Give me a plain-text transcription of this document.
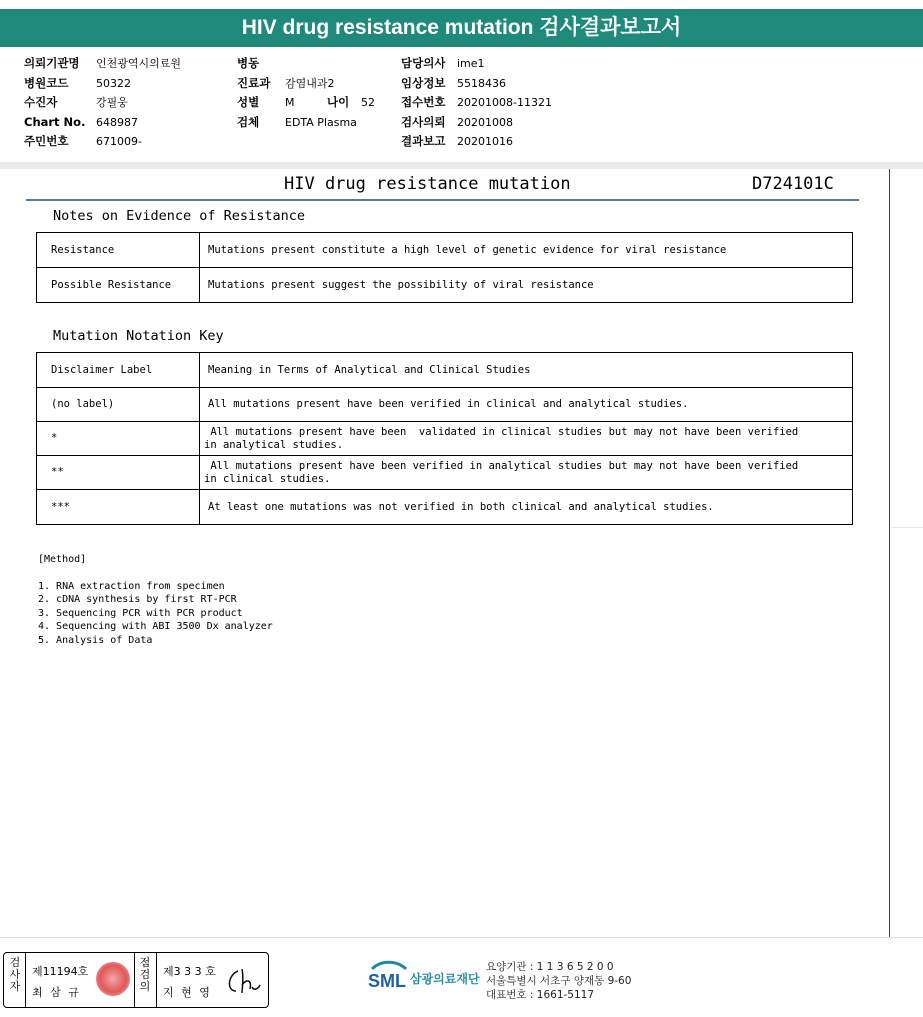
HIV drug resistance mutation 검사결과보고서
의뢰기관명 인천광역시의료원
병원코드	50322
수진자	강필웅
Chart No. 648987
주민번호	671009-
병동
진료과 감염내과2
성별 M	나이 52
검체 EDTA Plasma
담당의사 ime1
임상정보 5518436
접수번호 20201008-11321
검사의뢰 20201008
결과보고 20201016
HIV drug resistance mutation	D724101C
Notes on Evidence of Resistance
Resistance	Mutations present constitute a high level of genetic evidence for viral resistance
Possible Resistance	Mutations present suggest the possibility of viral resistance
Mutation Notation Key
Disclaimer Label	Meaning in Terms of Analytical and Clinical Studies
(no label)	All mutations present have been verified in clinical and analytical studies.
*	All mutations present have been  validated in clinical studies but may not have been verified
in analytical studies.
**	All mutations present have been verified in analytical studies but may not have been verified
in clinical studies.
***	At least one mutations was not verified in both clinical and analytical studies.
[Method]
1. RNA extraction from specimen
2. cDNA synthesis by first RT-PCR
3. Sequencing PCR with PCR product
4. Sequencing with ABI 3500 Dx analyzer
5. Analysis of Data
검사자
제11194호
최 삼 규
점검의
제3 3 3 호
지 현 영
SML 삼광의료재단
요양기관 : 1 1 3 6 5 2 0 0
서울특별시 서초구 양재동 9-60
대표번호 : 1661-5117
